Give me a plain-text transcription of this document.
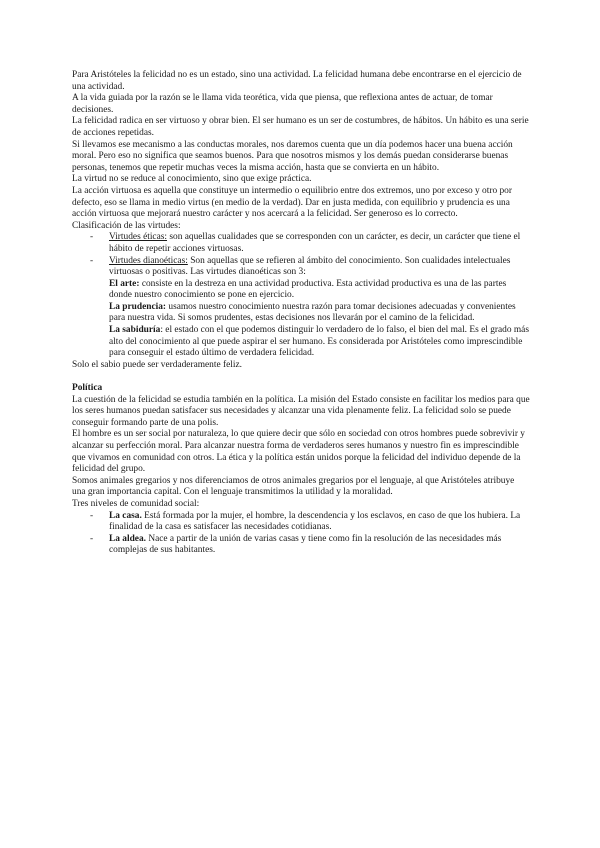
Para Aristóteles la felicidad no es un estado, sino una actividad. La felicidad humana debe encontrarse en el ejercicio de una actividad.

A la vida guiada por la razón se le llama vida teorética, vida que piensa, que reflexiona antes de actuar, de tomar decisiones.

La felicidad radica en ser virtuoso y obrar bien. El ser humano es un ser de costumbres, de hábitos. Un hábito es una serie de acciones repetidas.

Si llevamos ese mecanismo a las conductas morales, nos daremos cuenta que un día podemos hacer una buena acción moral. Pero eso no significa que seamos buenos. Para que nosotros mismos y los demás puedan considerarse buenas personas, tenemos que repetir muchas veces la misma acción, hasta que se convierta en un hábito.

La virtud no se reduce al conocimiento, sino que exige práctica.

La acción virtuosa es aquella que constituye un intermedio o equilibrio entre dos extremos, uno por exceso y otro por defecto, eso se llama in medio virtus (en medio de la verdad). Dar en justa medida, con equilibrio y prudencia es una acción virtuosa que mejorará nuestro carácter y nos acercará a la felicidad. Ser generoso es lo correcto.

Clasificación de las virtudes:

- Virtudes éticas: son aquellas cualidades que se corresponden con un carácter, es decir, un carácter que tiene el hábito de repetir acciones virtuosas.
- Virtudes dianoéticas: Son aquellas que se refieren al ámbito del conocimiento. Son cualidades intelectuales virtuosas o positivas. Las virtudes dianoéticas son 3:

El arte: consiste en la destreza en una actividad productiva. Esta actividad productiva es una de las partes donde nuestro conocimiento se pone en ejercicio.

La prudencia: usamos nuestro conocimiento nuestra razón para tomar decisiones adecuadas y convenientes para nuestra vida. Si somos prudentes, estas decisiones nos llevarán por el camino de la felicidad.

La sabiduría: el estado con el que podemos distinguir lo verdadero de lo falso, el bien del mal. Es el grado más alto del conocimiento al que puede aspirar el ser humano. Es considerada por Aristóteles como imprescindible para conseguir el estado último de verdadera felicidad.

Solo el sabio puede ser verdaderamente feliz.

Política

La cuestión de la felicidad se estudia también en la política. La misión del Estado consiste en facilitar los medios para que los seres humanos puedan satisfacer sus necesidades y alcanzar una vida plenamente feliz. La felicidad solo se puede conseguir formando parte de una polis.

El hombre es un ser social por naturaleza, lo que quiere decir que sólo en sociedad con otros hombres puede sobrevivir y alcanzar su perfección moral. Para alcanzar nuestra forma de verdaderos seres humanos y nuestro fin es imprescindible que vivamos en comunidad con otros. La ética y la política están unidos porque la felicidad del individuo depende de la felicidad del grupo.

Somos animales gregarios y nos diferenciamos de otros animales gregarios por el lenguaje, al que Aristóteles atribuye una gran importancia capital. Con el lenguaje transmitimos la utilidad y la moralidad.

Tres niveles de comunidad social:

- La casa. Está formada por la mujer, el hombre, la descendencia y los esclavos, en caso de que los hubiera. La finalidad de la casa es satisfacer las necesidades cotidianas.
- La aldea. Nace a partir de la unión de varias casas y tiene como fin la resolución de las necesidades más complejas de sus habitantes.
